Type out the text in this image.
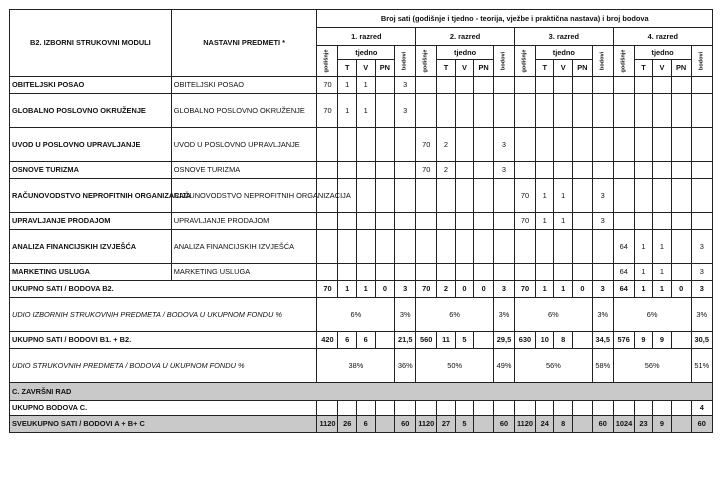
B2. IZBORNI STRUKOVNI MODULI	NASTAVNI PREDMETI *	Broj sati (godišnje i tjedno - teorija, vježbe i praktična nastava) i broj bodova																			
		1. razred					2. razred					3. razred					4. razred				

		godišnje	tjedno			bodovi	godišnje	tjedno			bodovi	godišnje	tjedno			bodovi	godišnje	tjedno			bodovi

			T	V	PN			T	V	PN			T	V	PN			T	V	PN	
OBITELJSKI POSAO	OBITELJSKI POSAO	70	1	1		3															
GLOBALNO POSLOVNO OKRUŽENJE	GLOBALNO POSLOVNO OKRUŽENJE	70	1	1		3															
UVOD U POSLOVNO UPRAVLJANJE	UVOD U POSLOVNO UPRAVLJANJE						70	2			3										
OSNOVE TURIZMA	OSNOVE TURIZMA						70	2			3										
RAČUNOVODSTVO NEPROFITNIH ORGANIZACIJA	RAČUNOVODSTVO NEPROFITNIH ORGANIZACIJA											70	1	1		3					
UPRAVLJANJE PRODAJOM	UPRAVLJANJE PRODAJOM											70	1	1		3					
ANALIZA FINANCIJSKIH IZVJEŠĆA	ANALIZA FINANCIJSKIH IZVJEŠĆA																64	1	1		3
MARKETING USLUGA	MARKETING USLUGA																64	1	1		3
UKUPNO SATI / BODOVA B2.		70	1	1	0	3	70	2	0	0	3	70	1	1	0	3	64	1	1	0	3
UDIO IZBORNIH STRUKOVNIH PREDMETA / BODOVA U UKUPNOM FONDU %		6%				3%	6%				3%	6%				3%	6%				3%
UKUPNO SATI / BODOVI B1. + B2.		420	6	6		21,5	560	11	5		29,5	630	10	8		34,5	576	9	9		30,5
UDIO STRUKOVNIH PREDMETA / BODOVA U UKUPNOM FONDU %		38%				36%	50%				49%	56%				58%	56%				51%
C. ZAVRŠNI RAD																					
UKUPNO BODOVA C.																					4
SVEUKUPNO SATI / BODOVI A + B+ C		1120	26	6		60	1120	27	5		60	1120	24	8		60	1024	23	9		60
